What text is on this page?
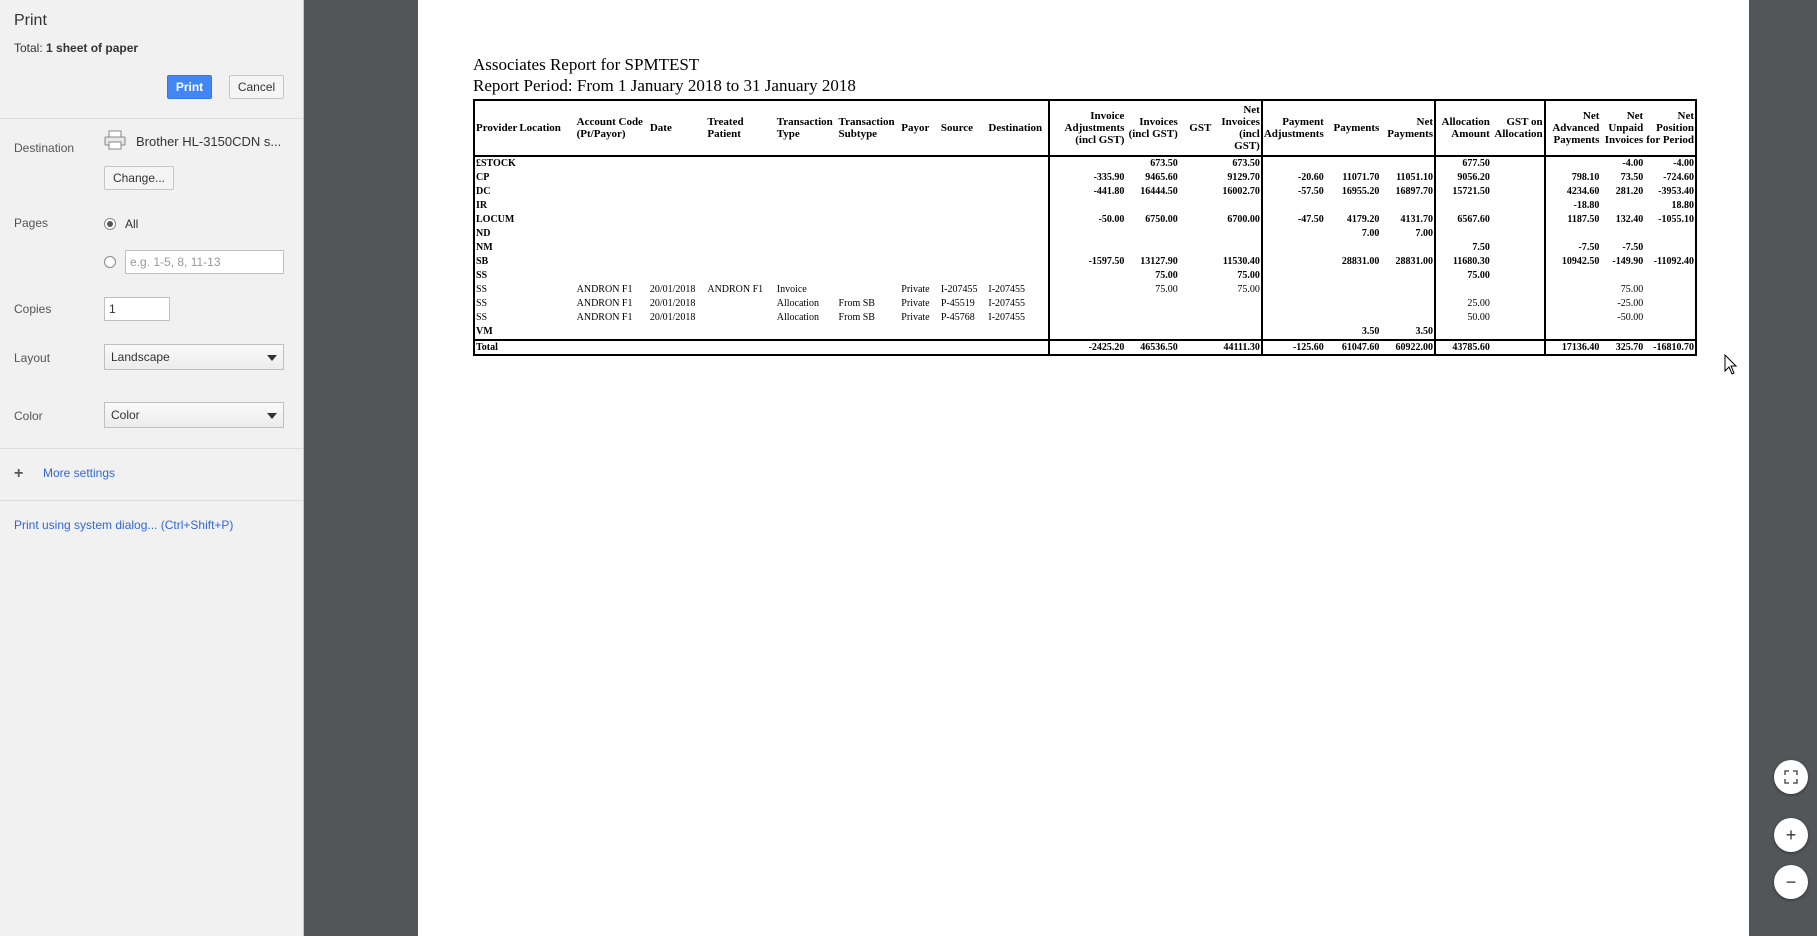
Print
Total: 1 sheet of paper
Print	Cancel
Destination	Brother HL-3150CDN s...
Change...
Pages	All
e.g. 1-5, 8, 11-13
Copies	1
Layout	Landscape
Color	Color
+ More settings
Print using system dialog... (Ctrl+Shift+P)
Associates Report for SPMTEST
Report Period: From 1 January 2018 to 31 January 2018
Provider	Location	Account Code (Pt/Payor)	Date	Treated Patient	Transaction Type	Transaction Subtype	Payor	Source	Destination	Invoice Adjustments (incl GST)	Invoices (incl GST)	GST	Net Invoices (incl GST)	Payment Adjustments	Payments	Net Payments	Allocation Amount	GST on Allocation	Net Advanced Payments	Net Unpaid Invoices	Net Position for Period
£STOCK											673.50		673.50				677.50			-4.00	-4.00
CP										-335.90	9465.60		9129.70	-20.60	11071.70	11051.10	9056.20		798.10	73.50	-724.60
DC										-441.80	16444.50		16002.70	-57.50	16955.20	16897.70	15721.50		4234.60	281.20	-3953.40
IR																			-18.80		18.80
LOCUM										-50.00	6750.00		6700.00	-47.50	4179.20	4131.70	6567.60		1187.50	132.40	-1055.10
ND															7.00	7.00					
NM																	7.50		-7.50	-7.50	
SB										-1597.50	13127.90		11530.40		28831.00	28831.00	11680.30		10942.50	-149.90	-11092.40
SS											75.00		75.00				75.00				
SS		ANDRON F1	20/01/2018	ANDRON F1	Invoice		Private	I-207455	I-207455		75.00		75.00							75.00	
SS		ANDRON F1	20/01/2018		Allocation	From SB	Private	P-45519	I-207455								25.00			-25.00	
SS		ANDRON F1	20/01/2018		Allocation	From SB	Private	P-45768	I-207455								50.00			-50.00	
VM															3.50	3.50					
Total										-2425.20	46536.50		44111.30	-125.60	61047.60	60922.00	43785.60		17136.40	325.70	-16810.70
+
−
